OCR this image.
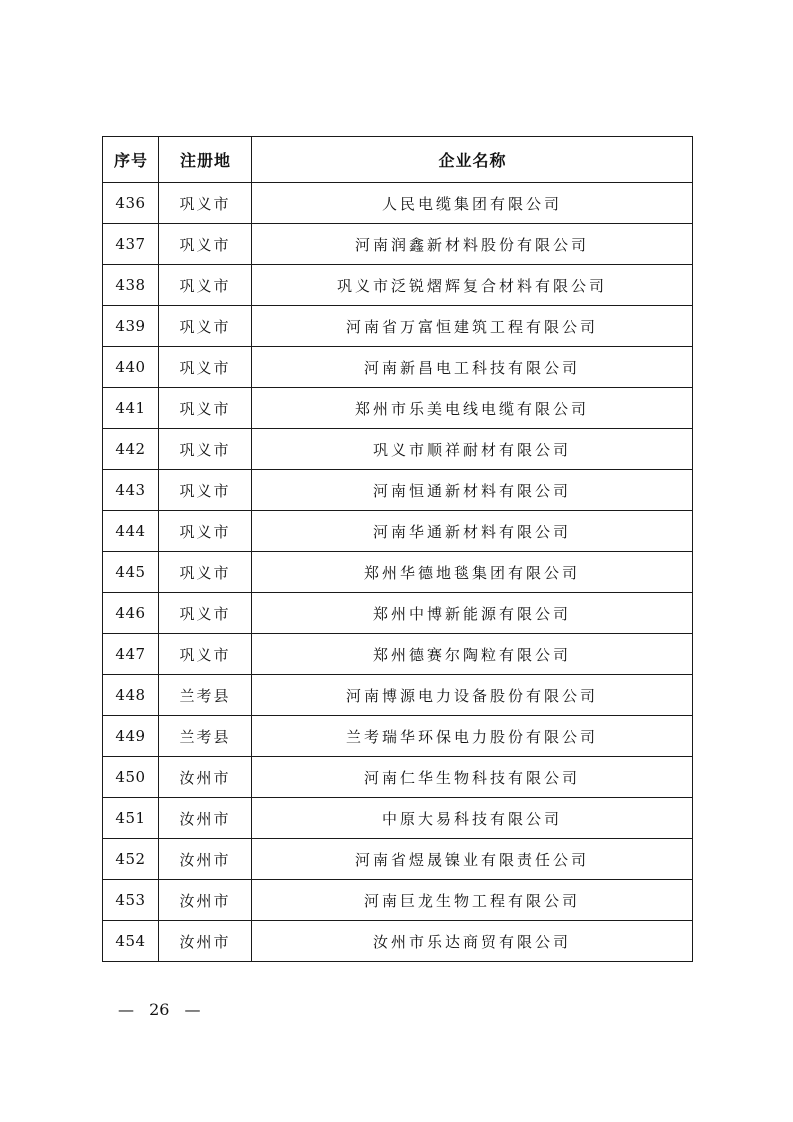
序号	注册地	企业名称
436	巩义市	人民电缆集团有限公司
437	巩义市	河南润鑫新材料股份有限公司
438	巩义市	巩义市泛锐熠辉复合材料有限公司
439	巩义市	河南省万富恒建筑工程有限公司
440	巩义市	河南新昌电工科技有限公司
441	巩义市	郑州市乐美电线电缆有限公司
442	巩义市	巩义市顺祥耐材有限公司
443	巩义市	河南恒通新材料有限公司
444	巩义市	河南华通新材料有限公司
445	巩义市	郑州华德地毯集团有限公司
446	巩义市	郑州中博新能源有限公司
447	巩义市	郑州德赛尔陶粒有限公司
448	兰考县	河南博源电力设备股份有限公司
449	兰考县	兰考瑞华环保电力股份有限公司
450	汝州市	河南仁华生物科技有限公司
451	汝州市	中原大易科技有限公司
452	汝州市	河南省煜晟镍业有限责任公司
453	汝州市	河南巨龙生物工程有限公司
454	汝州市	汝州市乐达商贸有限公司
— 26 —
